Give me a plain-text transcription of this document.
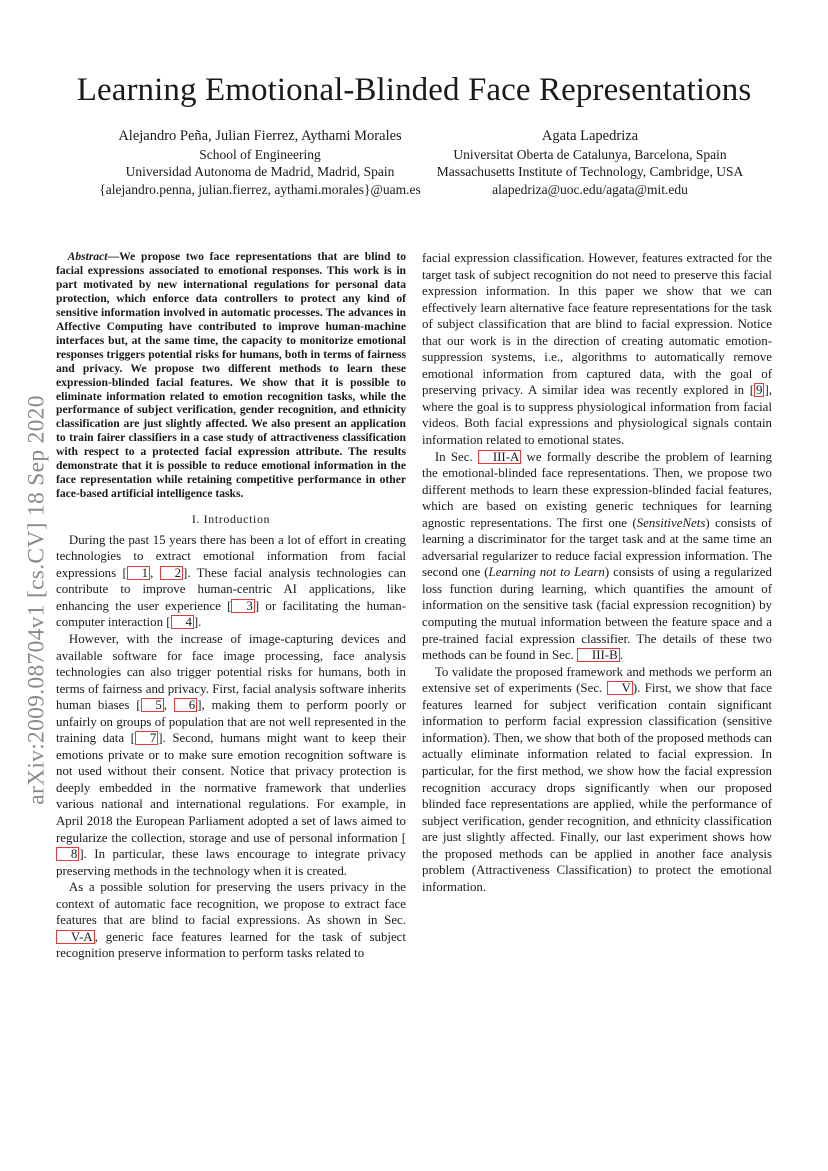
arXiv:2009.08704v1 [cs.CV] 18 Sep 2020
Learning Emotional-Blinded Face Representations
Alejandro Peña, Julian Fierrez, Aythami Morales
School of Engineering
Universidad Autonoma de Madrid, Madrid, Spain
{alejandro.penna, julian.fierrez, aythami.morales}@uam.es
Agata Lapedriza
Universitat Oberta de Catalunya, Barcelona, Spain
Massachusetts Institute of Technology, Cambridge, USA
alapedriza@uoc.edu/agata@mit.edu

Abstract—We propose two face representations that are blind to facial expressions associated to emotional responses. This work is in part motivated by new international regulations for personal data protection, which enforce data controllers to protect any kind of sensitive information involved in automatic processes. The advances in Affective Computing have contributed to improve human-machine interfaces but, at the same time, the capacity to monitorize emotional responses triggers potential risks for humans, both in terms of fairness and privacy. We propose two different methods to learn these expression-blinded facial features. We show that it is possible to eliminate information related to emotion recognition tasks, while the performance of subject verification, gender recognition, and ethnicity classification are just slightly affected. We also present an application to train fairer classifiers in a case study of attractiveness classification with respect to a protected facial expression attribute. The results demonstrate that it is possible to reduce emotional information in the face representation while retaining competitive performance in other face-based artificial intelligence tasks.

I. Introduction

During the past 15 years there has been a lot of effort in creating technologies to extract emotional information from facial expressions [ 1 , 2 ]. These facial analysis technologies can contribute to improve human-centric AI applications, like enhancing the user experience [ 3 ] or facilitating the human-computer interaction [ 4 ].

However, with the increase of image-capturing devices and available software for face image processing, face analysis technologies can also trigger potential risks for humans, both in terms of fairness and privacy. First, facial analysis software inherits human biases [ 5 , 6 ], making them to perform poorly or unfairly on groups of population that are not well represented in the training data [ 7 ]. Second, humans might want to keep their emotions private or to make sure emotion recognition software is not used without their consent. Notice that privacy protection is deeply embedded in the normative framework that underlies various national and international regulations. For example, in April 2018 the European Parliament adopted a set of laws aimed to regularize the collection, storage and use of personal information [8 ]. In particular, these laws encourage to integrate privacy preserving methods in the technology when it is created.

As a possible solution for preserving the users privacy in the context of automatic face recognition, we propose to extract face features that are blind to facial expressions. As shown in Sec. V-A , generic face features learned for the task of subject recognition preserve information to perform tasks related to

facial expression classification. However, features extracted for the target task of subject recognition do not need to preserve this facial expression information. In this paper we show that we can effectively learn alternative face feature representations for the task of subject classification that are blind to facial expression. Notice that our work is in the direction of creating automatic emotion-suppression systems, i.e., algorithms to automatically remove emotional information from captured data, with the goal of preserving privacy. A similar idea was recently explored in [ 9 ], where the goal is to suppress physiological information from facial videos. Both facial expressions and physiological signals contain information related to emotional states.

In Sec. III-A we formally describe the problem of learning the emotional-blinded face representations. Then, we propose two different methods to learn these expression-blinded facial features, which are based on existing generic techniques for learning agnostic representations. The first one (SensitiveNets) consists of learning a discriminator for the target task and at the same time an adversarial regularizer to reduce facial expression information. The second one (Learning not to Learn) consists of using a regularized loss function during learning, which quantifies the amount of information on the sensitive task (facial expression recognition) by computing the mutual information between the feature space and a pre-trained facial expression classifier. The details of these two methods can be found in Sec. III-B .

To validate the proposed framework and methods we perform an extensive set of experiments (Sec. V ). First, we show that face features learned for subject verification contain significant information to perform facial expression classification (sensitive information). Then, we show that both of the proposed methods can actually eliminate information related to facial expression. In particular, for the first method, we show how the facial expression recognition accuracy drops significantly when our proposed blinded face representations are applied, while the performance of subject verification, gender recognition, and ethnicity classification are just slightly affected. Finally, our last experiment shows how the proposed methods can be applied in another face analysis problem (Attractiveness Classification) to protect the emotional information.
